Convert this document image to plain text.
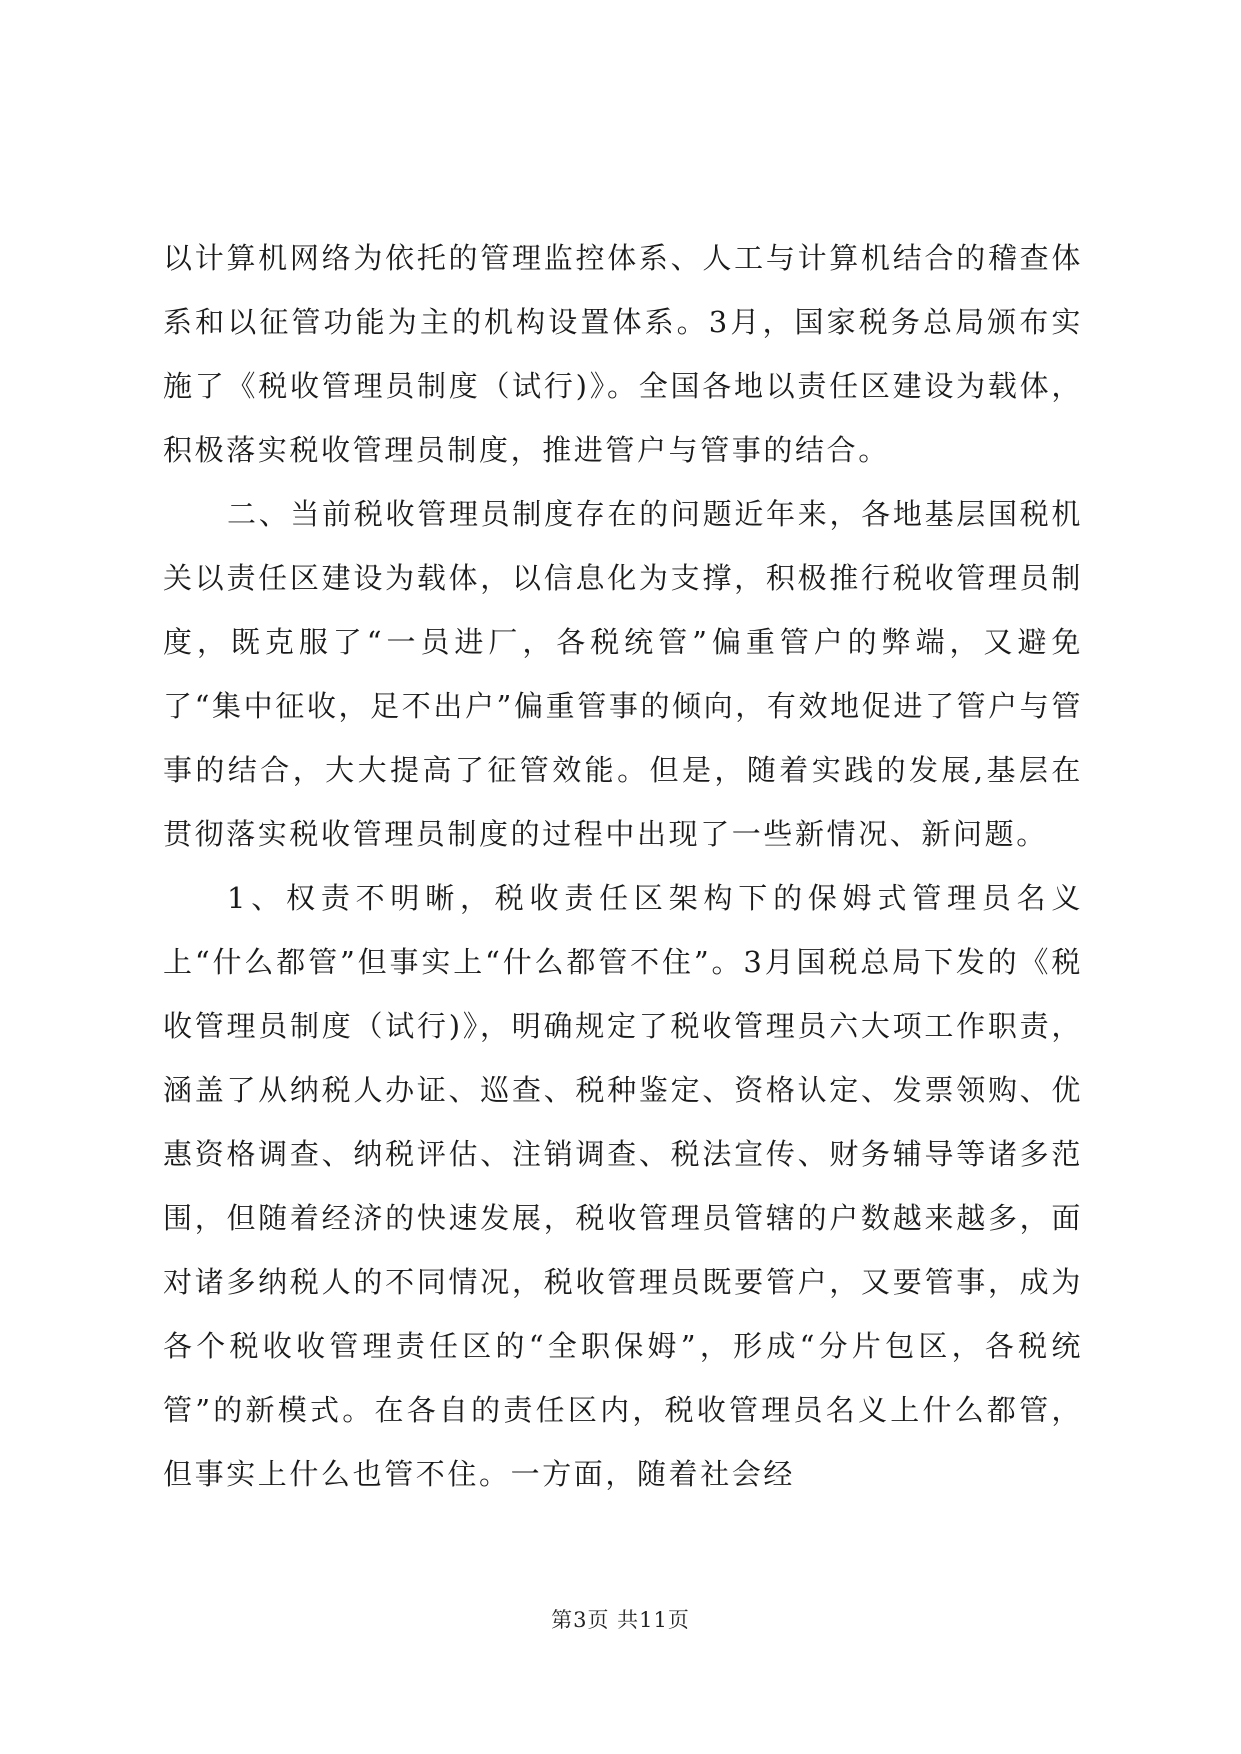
以计算机网络为依托的管理监控体系、人工与计算机结合的稽查体系和以征管功能为主的机构设置体系。3月，国家税务总局颁布实施了《税收管理员制度（试行)》。全国各地以责任区建设为载体，积极落实税收管理员制度，推进管户与管事的结合。

二、当前税收管理员制度存在的问题近年来，各地基层国税机关以责任区建设为载体，以信息化为支撑，积极推行税收管理员制度，既克服了“一员进厂，各税统管”偏重管户的弊端，又避免了“集中征收，足不出户”偏重管事的倾向，有效地促进了管户与管事的结合，大大提高了征管效能。但是，随着实践的发展,基层在贯彻落实税收管理员制度的过程中出现了一些新情况、新问题。

1、权责不明晰，税收责任区架构下的保姆式管理员名义上“什么都管”但事实上“什么都管不住”。3月国税总局下发的《税收管理员制度（试行)》，明确规定了税收管理员六大项工作职责，涵盖了从纳税人办证、巡查、税种鉴定、资格认定、发票领购、优惠资格调查、纳税评估、注销调查、税法宣传、财务辅导等诸多范围，但随着经济的快速发展，税收管理员管辖的户数越来越多，面对诸多纳税人的不同情况，税收管理员既要管户，又要管事，成为各个税收收管理责任区的“全职保姆”，形成“分片包区，各税统管”的新模式。在各自的责任区内，税收管理员名义上什么都管，但事实上什么也管不住。一方面，随着社会经

第3页 共11页
